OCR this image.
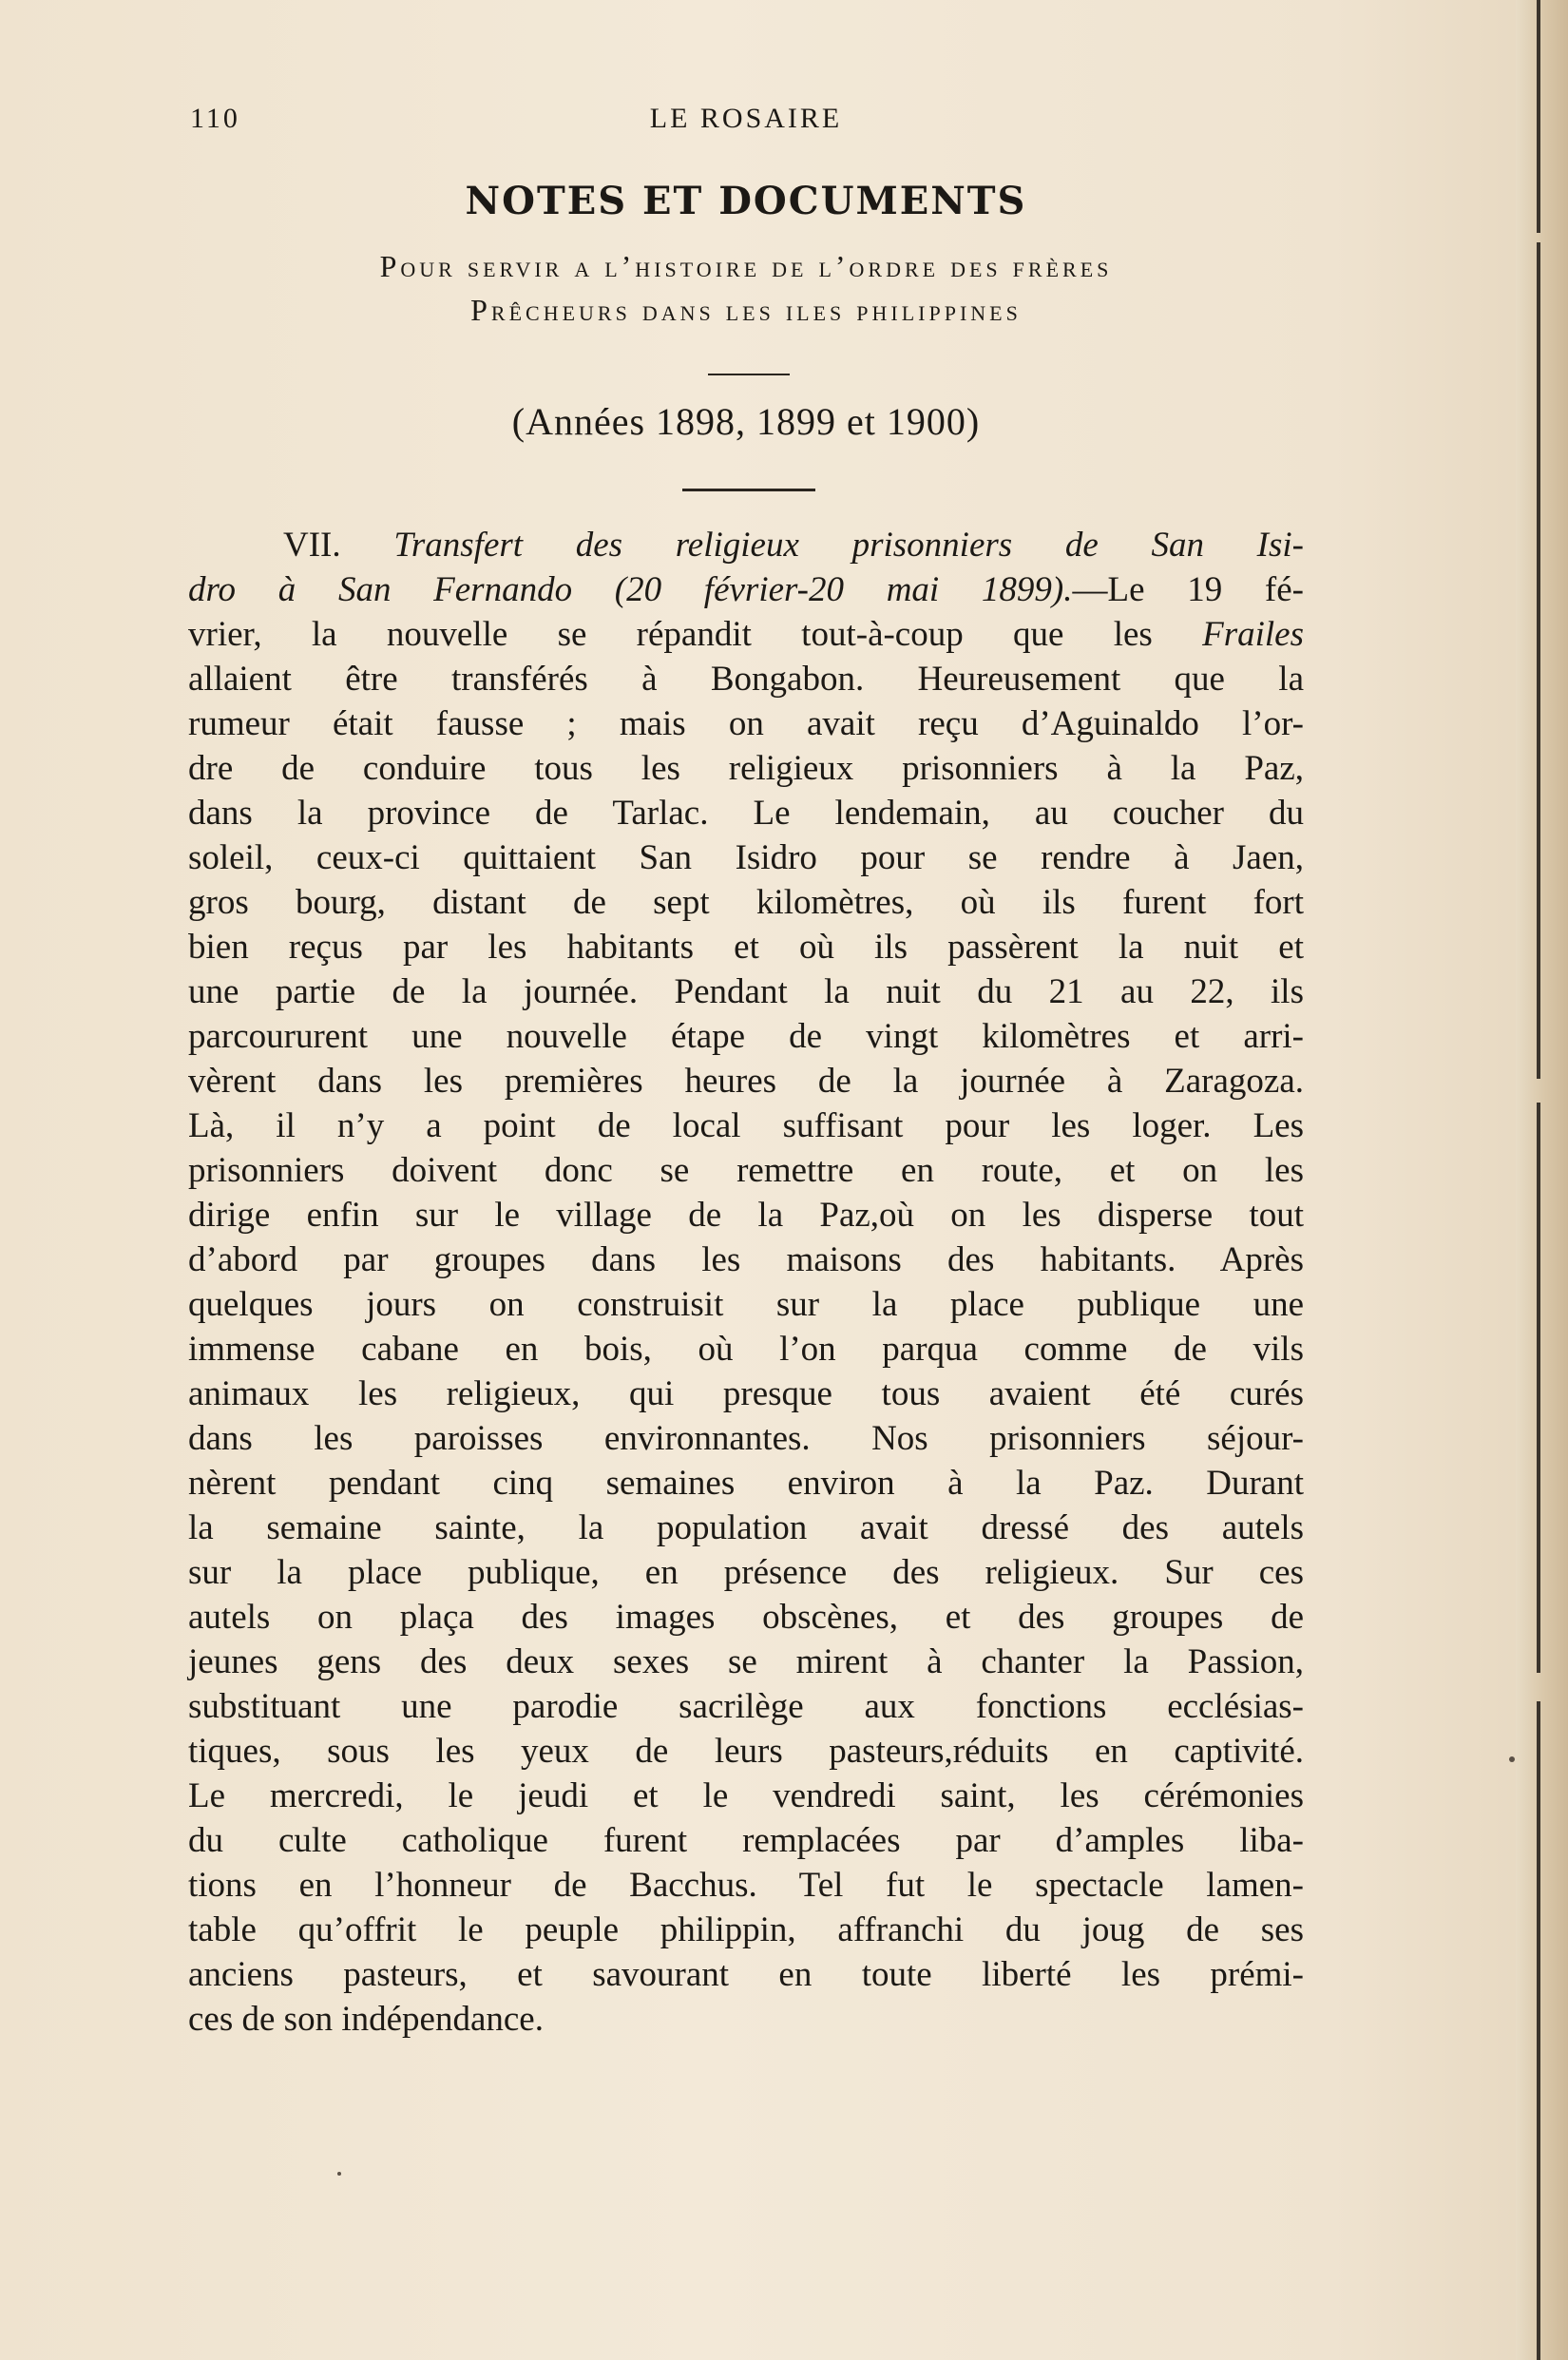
110	LE ROSAIRE
NOTES ET DOCUMENTS
Pour servir a l’histoire de l’ordre des frères
Prêcheurs dans les iles philippines
(Années 1898, 1899 et 1900)
VII. Transfert des religieux prisonniers de San Isi-
dro à San Fernando (20 février-20 mai 1899).—Le 19 fé-
vrier, la nouvelle se répandit tout-à-coup que les Frailes
allaient être transférés à Bongabon. Heureusement que la
rumeur était fausse ; mais on avait reçu d’Aguinaldo l’or-
dre de conduire tous les religieux prisonniers à la Paz,
dans la province de Tarlac. Le lendemain, au coucher du
soleil, ceux-ci quittaient San Isidro pour se rendre à Jaen,
gros bourg, distant de sept kilomètres, où ils furent fort
bien reçus par les habitants et où ils passèrent la nuit et
une partie de la journée. Pendant la nuit du 21 au 22, ils
parcoururent une nouvelle étape de vingt kilomètres et arri-
vèrent dans les premières heures de la journée à Zaragoza.
Là, il n’y a point de local suffisant pour les loger. Les
prisonniers doivent donc se remettre en route, et on les
dirige enfin sur le village de la Paz,où on les disperse tout
d’abord par groupes dans les maisons des habitants. Après
quelques jours on construisit sur la place publique une
immense cabane en bois, où l’on parqua comme de vils
animaux les religieux, qui presque tous avaient été curés
dans les paroisses environnantes. Nos prisonniers séjour-
nèrent pendant cinq semaines environ à la Paz. Durant
la semaine sainte, la population avait dressé des autels
sur la place publique, en présence des religieux. Sur ces
autels on plaça des images obscènes, et des groupes de
jeunes gens des deux sexes se mirent à chanter la Passion,
substituant une parodie sacrilège aux fonctions ecclésias-
tiques, sous les yeux de leurs pasteurs,réduits en captivité.
Le mercredi, le jeudi et le vendredi saint, les cérémonies
du culte catholique furent remplacées par d’amples liba-
tions en l’honneur de Bacchus. Tel fut le spectacle lamen-
table qu’offrit le peuple philippin, affranchi du joug de ses
anciens pasteurs, et savourant en toute liberté les prémi-
ces de son indépendance.
